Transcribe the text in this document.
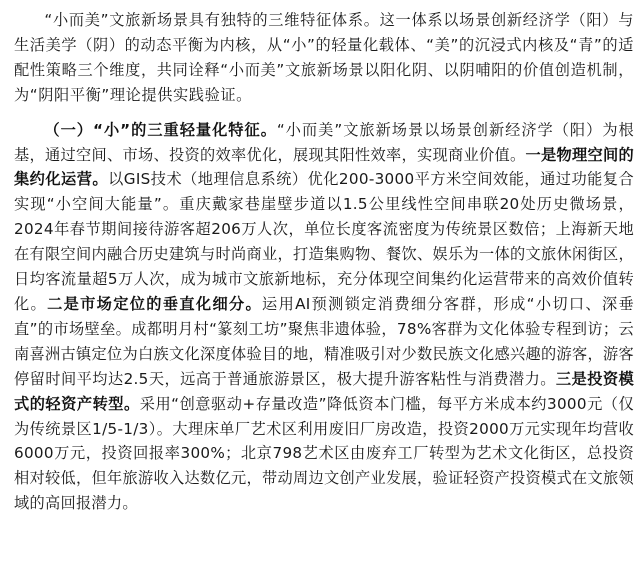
“小而美”文旅新场景具有独特的三维特征体系。这一体系以场景创新经济学（阳）与生活美学（阴）的动态平衡为内核，从“小”的轻量化载体、“美”的沉浸式内核及“青”的适配性策略三个维度，共同诠释“小而美”文旅新场景以阳化阴、以阴哺阳的价值创造机制，为“阴阳平衡”理论提供实践验证。

（一）“小”的三重轻量化特征。“小而美”文旅新场景以场景创新经济学（阳）为根基，通过空间、市场、投资的效率优化，展现其阳性效率，实现商业价值。一是物理空间的集约化运营。以GIS技术（地理信息系统）优化200-3000平方米空间效能，通过功能复合实现“小空间大能量”。重庆戴家巷崖壁步道以1.5公里线性空间串联20处历史微场景，2024年春节期间接待游客超206万人次，单位长度客流密度为传统景区数倍；上海新天地在有限空间内融合历史建筑与时尚商业，打造集购物、餐饮、娱乐为一体的文旅休闲街区，日均客流量超5万人次，成为城市文旅新地标，充分体现空间集约化运营带来的高效价值转化。二是市场定位的垂直化细分。运用AI预测锁定消费细分客群，形成“小切口、深垂直”的市场壁垒。成都明月村“篆刻工坊”聚焦非遗体验，78%客群为文化体验专程到访；云南喜洲古镇定位为白族文化深度体验目的地，精准吸引对少数民族文化感兴趣的游客，游客停留时间平均达2.5天，远高于普通旅游景区，极大提升游客粘性与消费潜力。三是投资模式的轻资产转型。采用“创意驱动+存量改造”降低资本门槛，每平方米成本约3000元（仅为传统景区1/5-1/3）。大理床单厂艺术区利用废旧厂房改造，投资2000万元实现年均营收6000万元，投资回报率300%；北京798艺术区由废弃工厂转型为艺术文化街区，总投资相对较低，但年旅游收入达数亿元，带动周边文创产业发展，验证轻资产投资模式在文旅领域的高回报潜力。
